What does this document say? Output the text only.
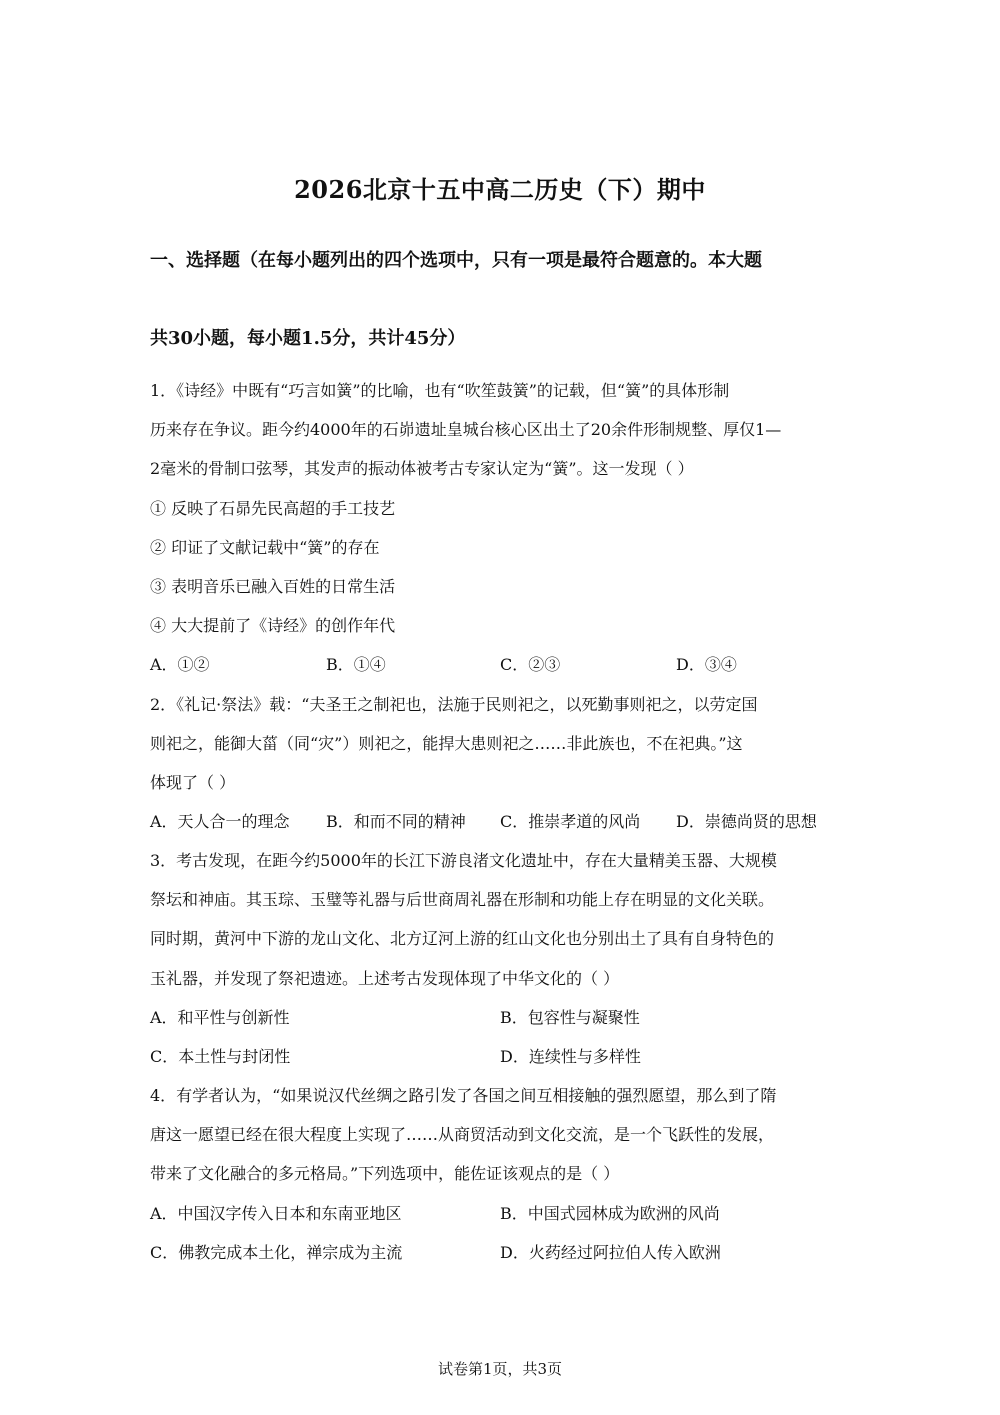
2026北京十五中高二历史（下）期中
一、选择题（在每小题列出的四个选项中，只有一项是最符合题意的。本大题
共30小题，每小题1.5分，共计45分）
1．《诗经》中既有“巧言如簧”的比喻，也有“吹笙鼓簧”的记载，但“簧”的具体形制
历来存在争议。距今约4000年的石峁遗址皇城台核心区出土了20余件形制规整、厚仅1—
2毫米的骨制口弦琴，其发声的振动体被考古专家认定为“簧”。这一发现（ ）
① 反映了石昴先民高超的手工技艺
② 印证了文献记载中“簧”的存在
③ 表明音乐已融入百姓的日常生活
④ 大大提前了《诗经》的创作年代
A．①②	B．①④	C．②③	D．③④
2．《礼记·祭法》载：“夫圣王之制祀也，法施于民则祀之，以死勤事则祀之，以劳定国
则祀之，能御大菑（同“灾”）则祀之，能捍大患则祀之……非此族也，不在祀典。”这
体现了（ ）
A．天人合一的理念 B．和而不同的精神 C．推崇孝道的风尚 D．崇德尚贤的思想
3．考古发现，在距今约5000年的长江下游良渚文化遗址中，存在大量精美玉器、大规模
祭坛和神庙。其玉琮、玉璧等礼器与后世商周礼器在形制和功能上存在明显的文化关联。
同时期，黄河中下游的龙山文化、北方辽河上游的红山文化也分别出土了具有自身特色的
玉礼器，并发现了祭祀遗迹。上述考古发现体现了中华文化的（ ）
A．和平性与创新性	B．包容性与凝聚性
C．本土性与封闭性	D．连续性与多样性
4．有学者认为，“如果说汉代丝绸之路引发了各国之间互相接触的强烈愿望，那么到了隋
唐这一愿望已经在很大程度上实现了……从商贸活动到文化交流，是一个飞跃性的发展，
带来了文化融合的多元格局。”下列选项中，能佐证该观点的是（ ）
A．中国汉字传入日本和东南亚地区	B．中国式园林成为欧洲的风尚
C．佛教完成本土化，禅宗成为主流	D．火药经过阿拉伯人传入欧洲
试卷第1页，共3页
